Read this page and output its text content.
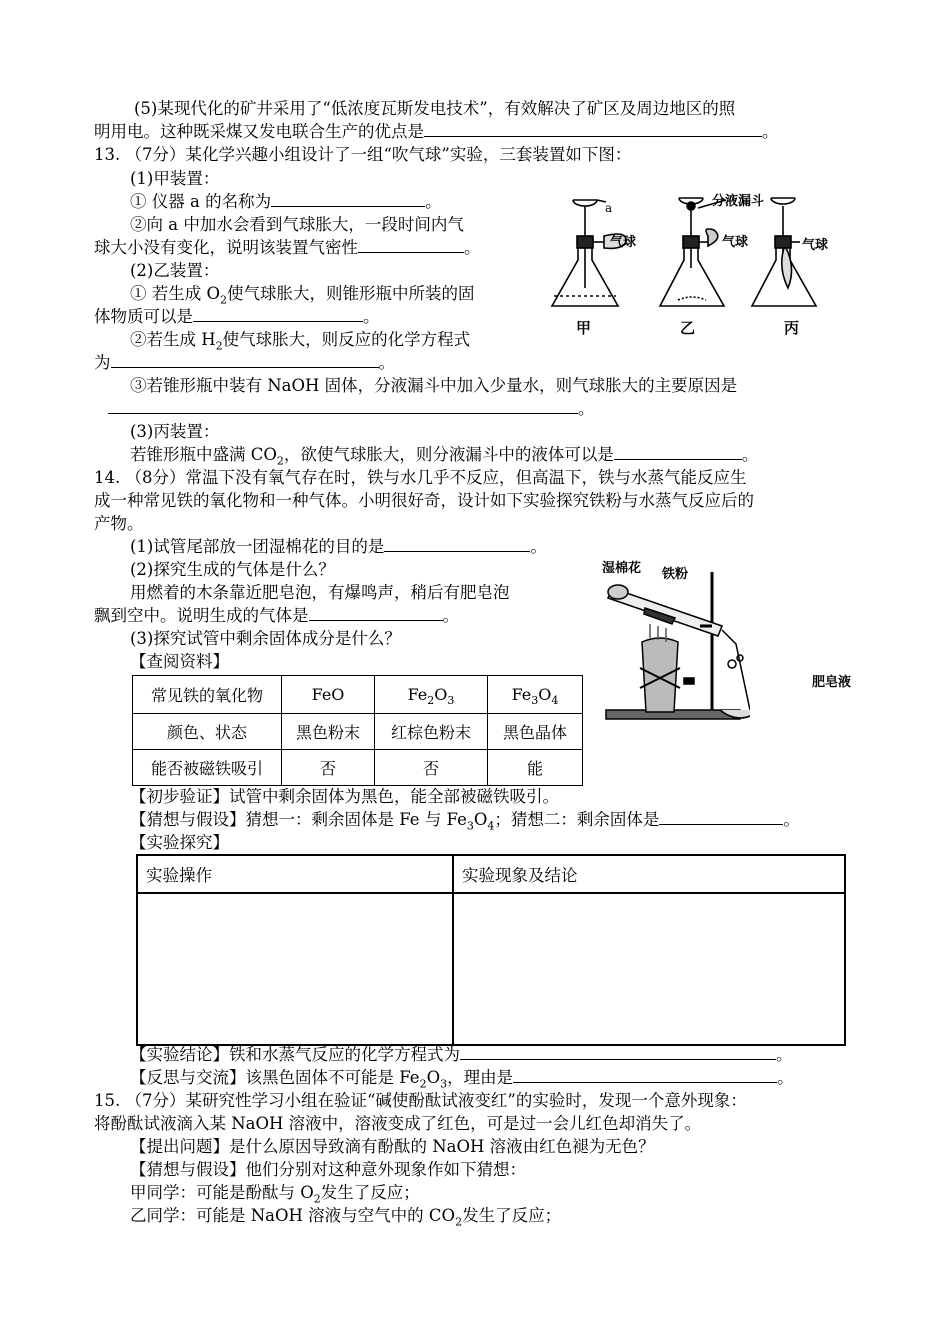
(5)某现代化的矿井采用了“低浓度瓦斯发电技术”，有效解决了矿区及周边地区的照
明用电。这种既采煤又发电联合生产的优点是	。
13. （7分）某化学兴趣小组设计了一组“吹气球”实验，三套装置如下图：
(1)甲装置：
① 仪器 a 的名称为	。
②向 a 中加水会看到气球胀大，一段时间内气
球大小没有变化，说明该装置气密性	。
(2)乙装置：
① 若生成 $O_2$使气球胀大，则锥形瓶中所装的固
体物质可以是	。
②若生成 $H_2$使气球胀大，则反应的化学方程式
为	。
③若锥形瓶中装有 NaOH 固体，分液漏斗中加入少量水，则气球胀大的主要原因是
。
(3)丙装置：
若锥形瓶中盛满 $CO_2$，欲使气球胀大，则分液漏斗中的液体可以是	。
a
气球
分液漏斗
气球	气球
甲	乙	丙
14. （8分）常温下没有氧气存在时，铁与水几乎不反应，但高温下，铁与水蒸气能反应生
成一种常见铁的氧化物和一种气体。小明很好奇，设计如下实验探究铁粉与水蒸气反应后的
产物。
(1)试管尾部放一团湿棉花的目的是	。
(2)探究生成的气体是什么？
用燃着的木条靠近肥皂泡，有爆鸣声，稍后有肥皂泡
飘到空中。说明生成的气体是	。
(3)探究试管中剩余固体成分是什么？
【查阅资料】
湿棉花 铁粉
肥皂液
常见铁的氧化物	FeO	$Fe_2O_3$	$Fe_3O_4$
颜色、状态	黑色粉末	红棕色粉末	黑色晶体
能否被磁铁吸引	否	否	能
【初步验证】试管中剩余固体为黑色，能全部被磁铁吸引。
【猜想与假设】猜想一：剩余固体是 Fe 与 $Fe_3O_4$；猜想二：剩余固体是	。
【实验探究】
实验操作	实验现象及结论

【实验结论】铁和水蒸气反应的化学方程式为	。
【反思与交流】该黑色固体不可能是 $Fe_2O_3$，理由是	。
15. （7分）某研究性学习小组在验证“碱使酚酞试液变红”的实验时，发现一个意外现象：
将酚酞试液滴入某 NaOH 溶液中，溶液变成了红色，可是过一会儿红色却消失了。
【提出问题】是什么原因导致滴有酚酞的 NaOH 溶液由红色褪为无色？
【猜想与假设】他们分别对这种意外现象作如下猜想：
甲同学：可能是酚酞与 $O_2$发生了反应；
乙同学：可能是 NaOH 溶液与空气中的 $CO_2$发生了反应；
